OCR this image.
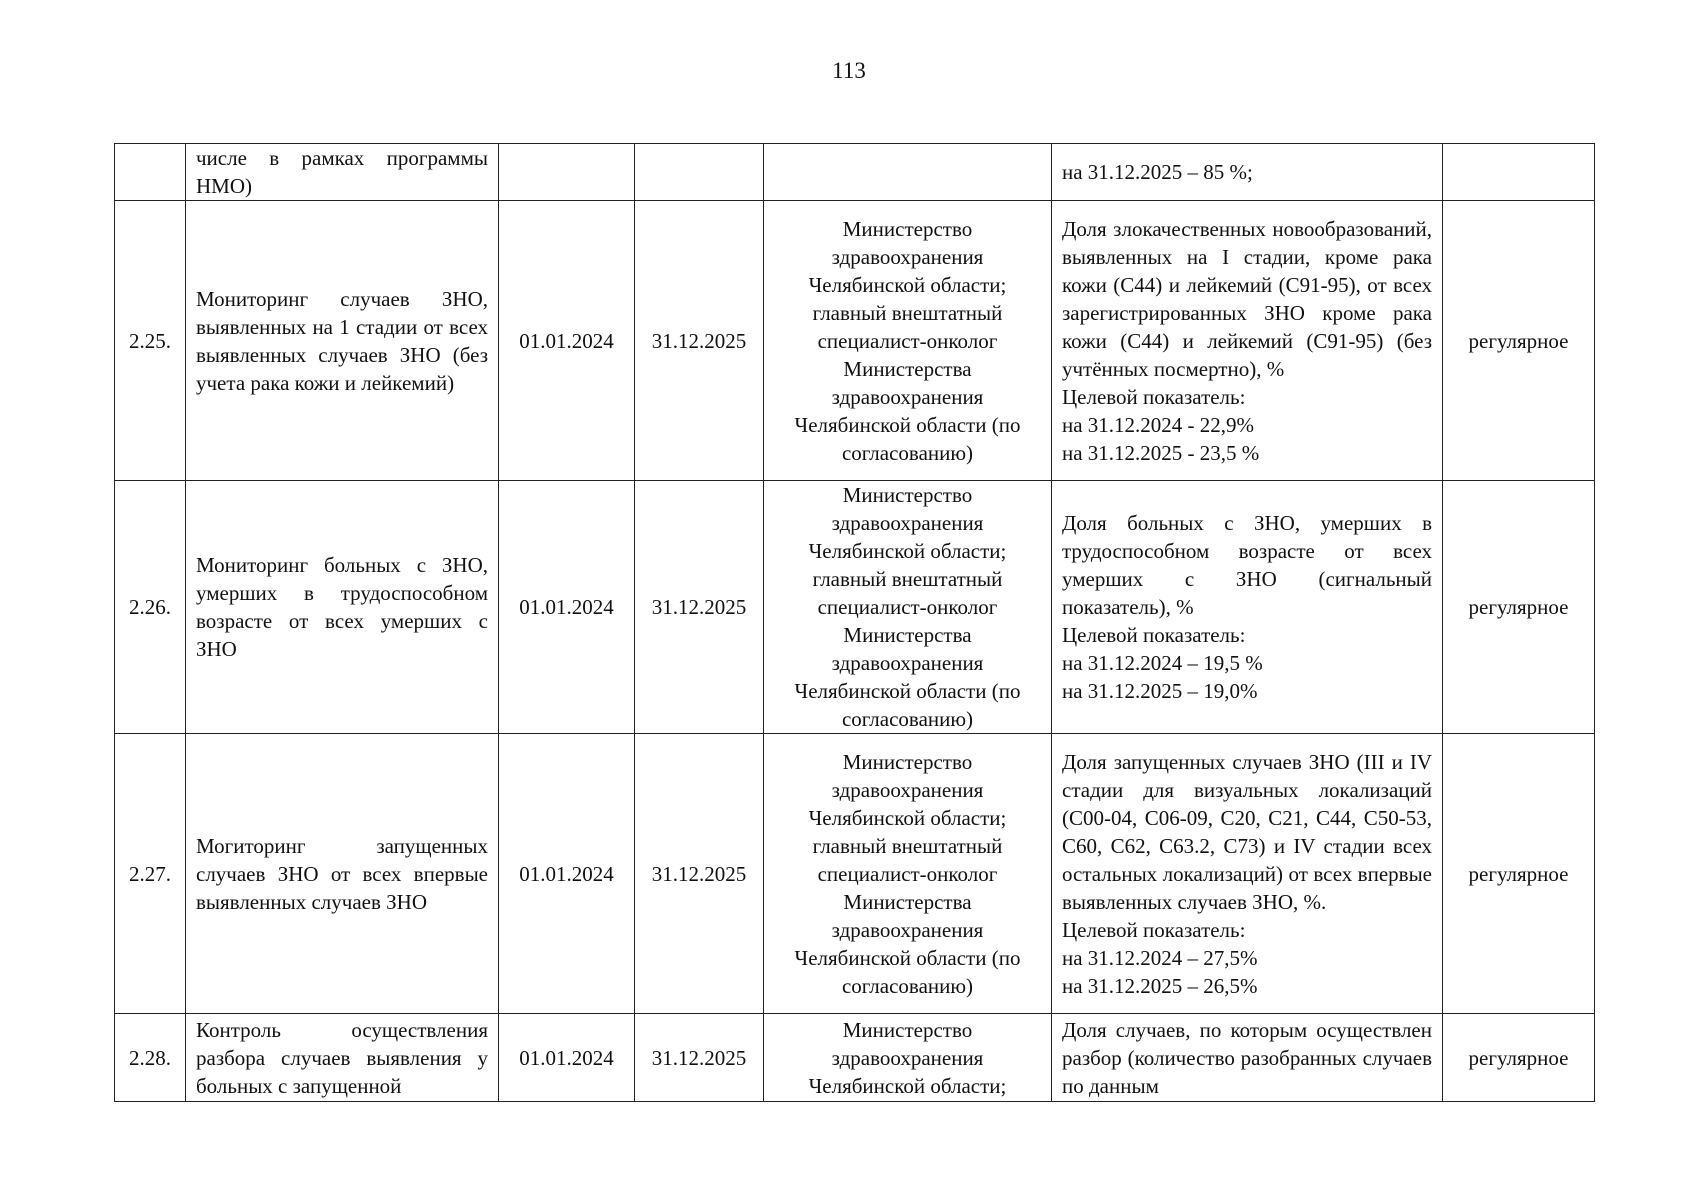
113
	числе в рамках программы НМО)				на 31.12.2025 – 85 %;	

2.25.	Мониторинг случаев ЗНО, выявленных на 1 стадии от всех выявленных случаев ЗНО (без учета рака кожи и лейкемий)	01.01.2024	31.12.2025	Министерство здравоохранения Челябинской области; главный внештатный специалист-онколог Министерства здравоохранения Челябинской области (по согласованию)	Доля злокачественных новообразований, выявленных на I стадии, кроме рака кожи (С44) и лейкемий (С91-95), от всех зарегистрированных ЗНО кроме рака кожи (С44) и лейкемий (С91-95) (без учтённых посмертно), %
Целевой показатель:
на 31.12.2024 - 22,9%
на 31.12.2025 - 23,5 %	регулярное
2.26.	Мониторинг больных с ЗНО, умерших в трудоспособном возрасте от всех умерших с ЗНО	01.01.2024	31.12.2025	Министерство здравоохранения Челябинской области; главный внештатный специалист-онколог Министерства здравоохранения Челябинской области (по согласованию)	Доля больных с ЗНО, умерших в трудоспособном возрасте от всех умерших с ЗНО (сигнальный показатель), %
Целевой показатель:
на 31.12.2024 – 19,5 %
на 31.12.2025 – 19,0%	регулярное
2.27.	Могиторинг запущенных случаев ЗНО от всех впервые выявленных случаев ЗНО	01.01.2024	31.12.2025	Министерство здравоохранения Челябинской области; главный внештатный специалист-онколог Министерства здравоохранения Челябинской области (по согласованию)	Доля запущенных случаев ЗНО (III и IV стадии для визуальных локализаций (С00-04, С06-09, С20, С21, С44, С50-53, С60, С62, С63.2, С73) и IV стадии всех остальных локализаций) от всех впервые выявленных случаев ЗНО, %.
Целевой показатель:
на 31.12.2024 – 27,5%
на 31.12.2025 – 26,5%	регулярное
2.28.	Контроль осуществления разбора случаев выявления у больных с запущенной	01.01.2024	31.12.2025	Министерство здравоохранения Челябинской области;	Доля случаев, по которым осуществлен разбор (количество разобранных случаев по данным	регулярное
